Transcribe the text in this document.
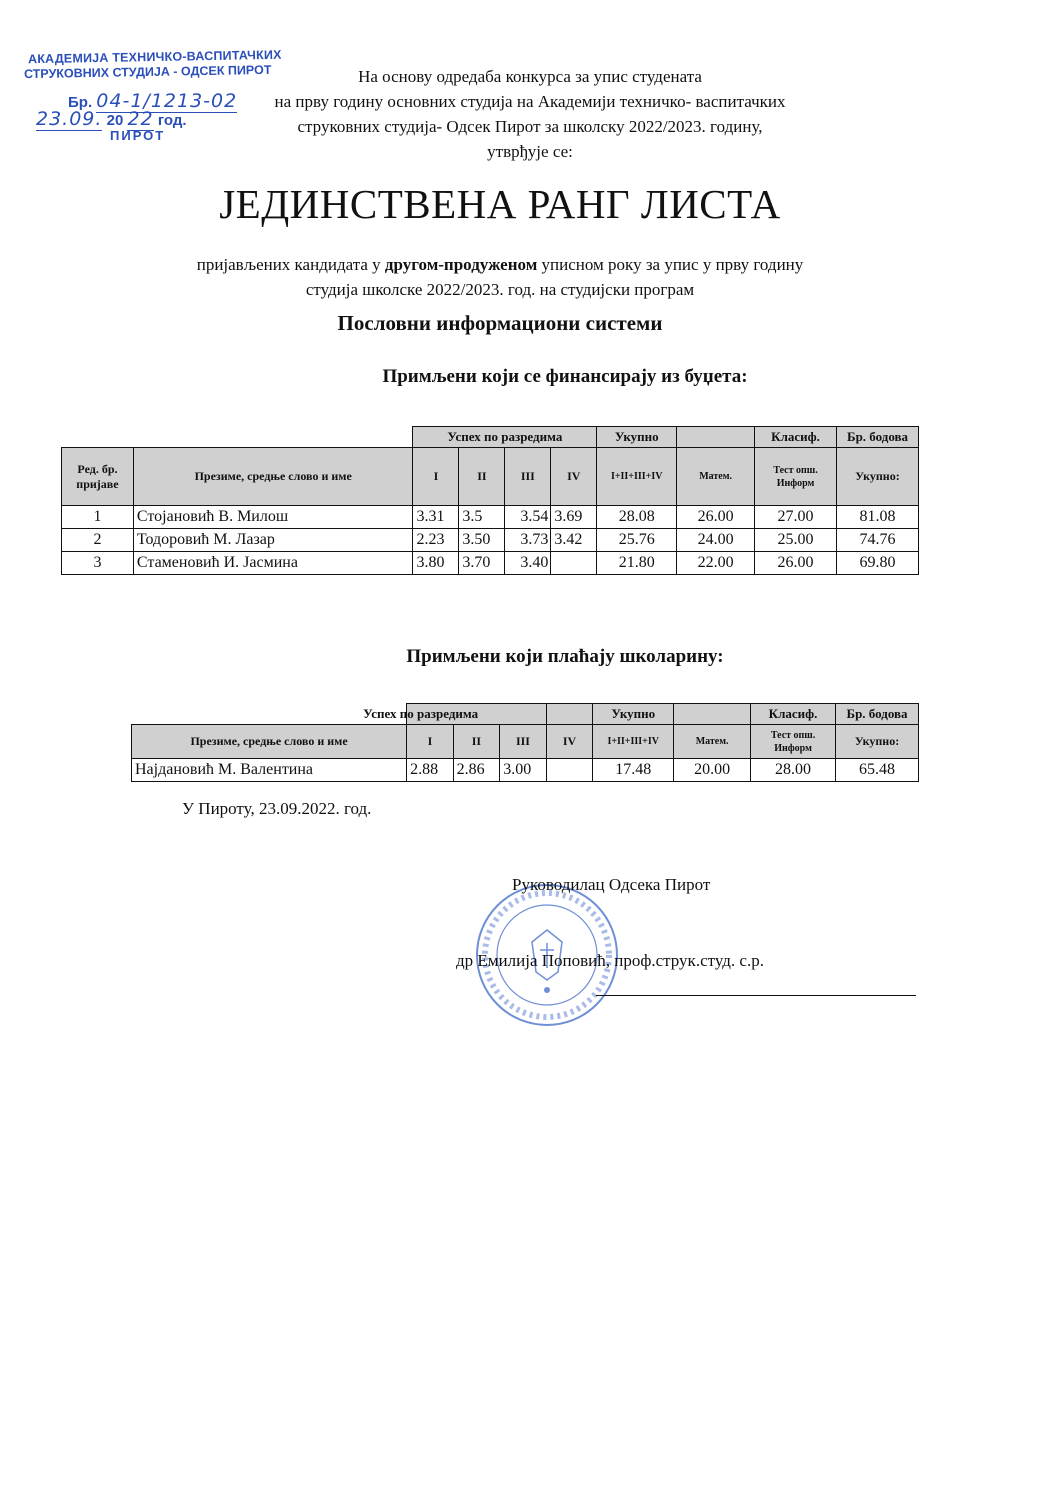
АКАДЕМИЈА ТЕХНИЧКО-ВАСПИТАЧКИХ
СТРУКОВНИХ СТУДИЈА - ОДСЕК ПИРОТ
Бр. 04-1/1213-02
23.09. 20 22 год.
ПИРОТ
На основу одредаба конкурса за упис студената
на прву годину основних студија на Академији техничко- васпитачких
струковних студија- Одсек Пирот за школску 2022/2023. годину,
утврђује се:
ЈЕДИНСТВЕНА РАНГ ЛИСТА
пријављених кандидата у другом-продуженом уписном року за упис у прву годину
студија школске 2022/2023. год. на студијски програм
Пословни информациони системи
Примљени који се финансирају из буџета:
		Успех по разредима				Укупно		Класиф.	Бр. бодова
Ред. бр. пријаве	Презиме, средње слово и име	I	II	III	IV	I+II+III+IV	Матем.	Тест опш. Информ	Укупно:
1	Стојановић В. Милош	3.31	3.5	3.54	3.69	28.08	26.00	27.00	81.08
2	Тодоровић М. Лазар	2.23	3.50	3.73	3.42	25.76	24.00	25.00	74.76
3	Стаменовић И. Јасмина	3.80	3.70	3.40		21.80	22.00	26.00	69.80
Примљени који плаћају школарину:
	Успех по разредима				Укупно		Класиф.	Бр. бодова
Презиме, средње слово и име	I	II	III	IV	I+II+III+IV	Матем.	Тест опш. Информ	Укупно:
Најдановић М. Валентина	2.88	2.86	3.00		17.48	20.00	28.00	65.48
У Пироту, 23.09.2022. год.
Руководилац Одсека Пирот
др Емилија Поповић, проф.струк.студ. с.р.
